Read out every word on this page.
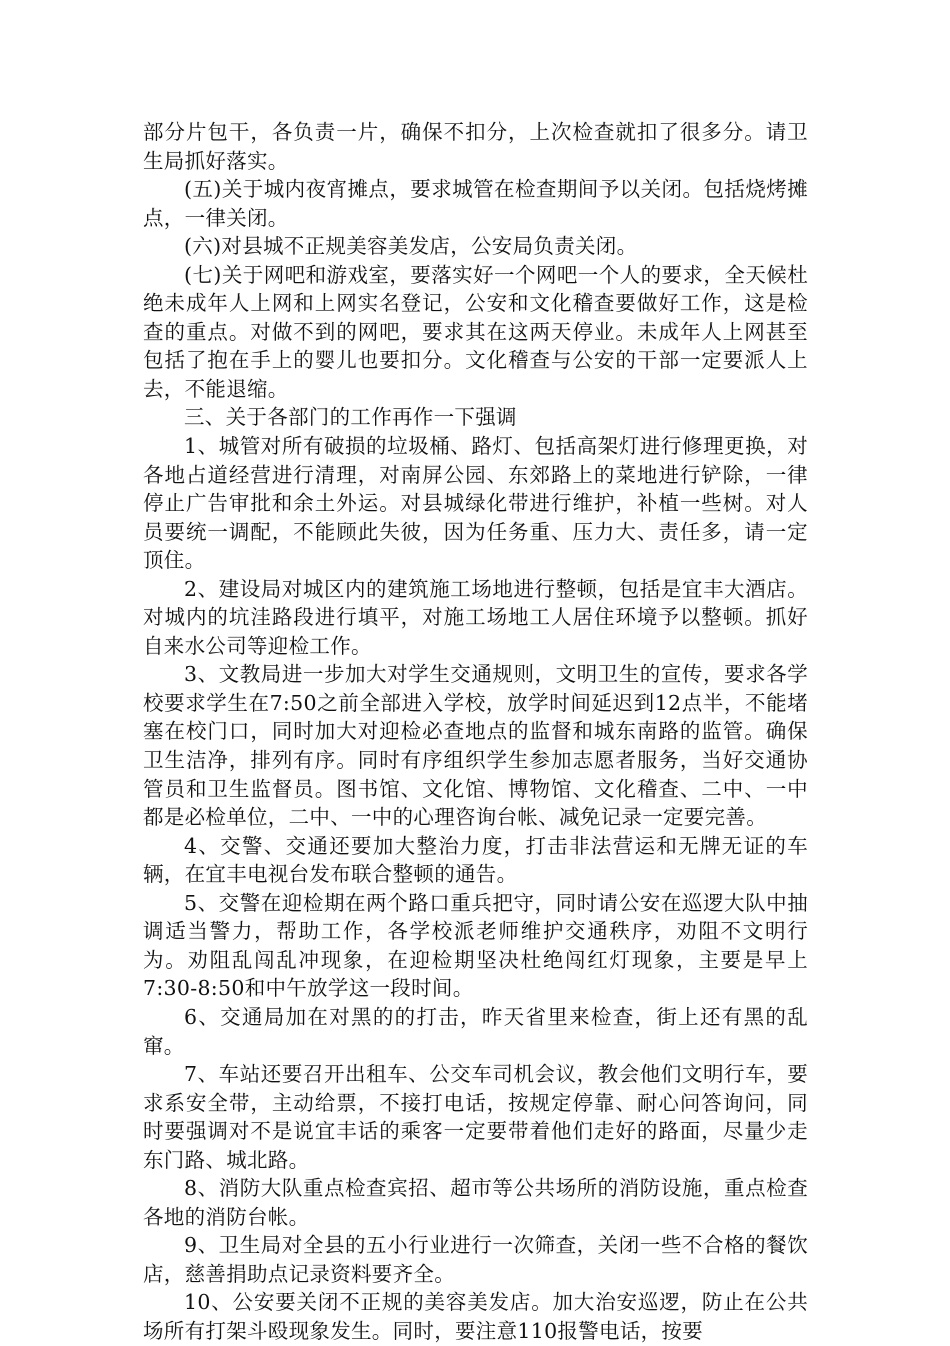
部分片包干，各负责一片，确保不扣分，上次检查就扣了很多分。请卫生局抓好落实。

(五)关于城内夜宵摊点，要求城管在检查期间予以关闭。包括烧烤摊点，一律关闭。

(六)对县城不正规美容美发店，公安局负责关闭。

(七)关于网吧和游戏室，要落实好一个网吧一个人的要求，全天候杜绝未成年人上网和上网实名登记，公安和文化稽查要做好工作，这是检查的重点。对做不到的网吧，要求其在这两天停业。未成年人上网甚至包括了抱在手上的婴儿也要扣分。文化稽查与公安的干部一定要派人上去，不能退缩。

三、关于各部门的工作再作一下强调

1、城管对所有破损的垃圾桶、路灯、包括高架灯进行修理更换，对各地占道经营进行清理，对南屏公园、东郊路上的菜地进行铲除，一律停止广告审批和余土外运。对县城绿化带进行维护，补植一些树。对人员要统一调配，不能顾此失彼，因为任务重、压力大、责任多，请一定顶住。

2、建设局对城区内的建筑施工场地进行整顿，包括是宜丰大酒店。对城内的坑洼路段进行填平，对施工场地工人居住环境予以整顿。抓好自来水公司等迎检工作。

3、文教局进一步加大对学生交通规则，文明卫生的宣传，要求各学校要求学生在7:50之前全部进入学校，放学时间延迟到12点半，不能堵塞在校门口，同时加大对迎检必查地点的监督和城东南路的监管。确保卫生洁净，排列有序。同时有序组织学生参加志愿者服务，当好交通协管员和卫生监督员。图书馆、文化馆、博物馆、文化稽查、二中、一中都是必检单位，二中、一中的心理咨询台帐、减免记录一定要完善。

4、交警、交通还要加大整治力度，打击非法营运和无牌无证的车辆，在宜丰电视台发布联合整顿的通告。

5、交警在迎检期在两个路口重兵把守，同时请公安在巡逻大队中抽调适当警力，帮助工作，各学校派老师维护交通秩序，劝阻不文明行为。劝阻乱闯乱冲现象，在迎检期坚决杜绝闯红灯现象，主要是早上7:30-8:50和中午放学这一段时间。

6、交通局加在对黑的的打击，昨天省里来检查，街上还有黑的乱窜。

7、车站还要召开出租车、公交车司机会议，教会他们文明行车，要求系安全带，主动给票，不接打电话，按规定停靠、耐心问答询问，同时要强调对不是说宜丰话的乘客一定要带着他们走好的路面，尽量少走东门路、城北路。

8、消防大队重点检查宾招、超市等公共场所的消防设施，重点检查各地的消防台帐。

9、卫生局对全县的五小行业进行一次筛查，关闭一些不合格的餐饮店，慈善捐助点记录资料要齐全。

10、公安要关闭不正规的美容美发店。加大治安巡逻，防止在公共场所有打架斗殴现象发生。同时，要注意110报警电话，按要
